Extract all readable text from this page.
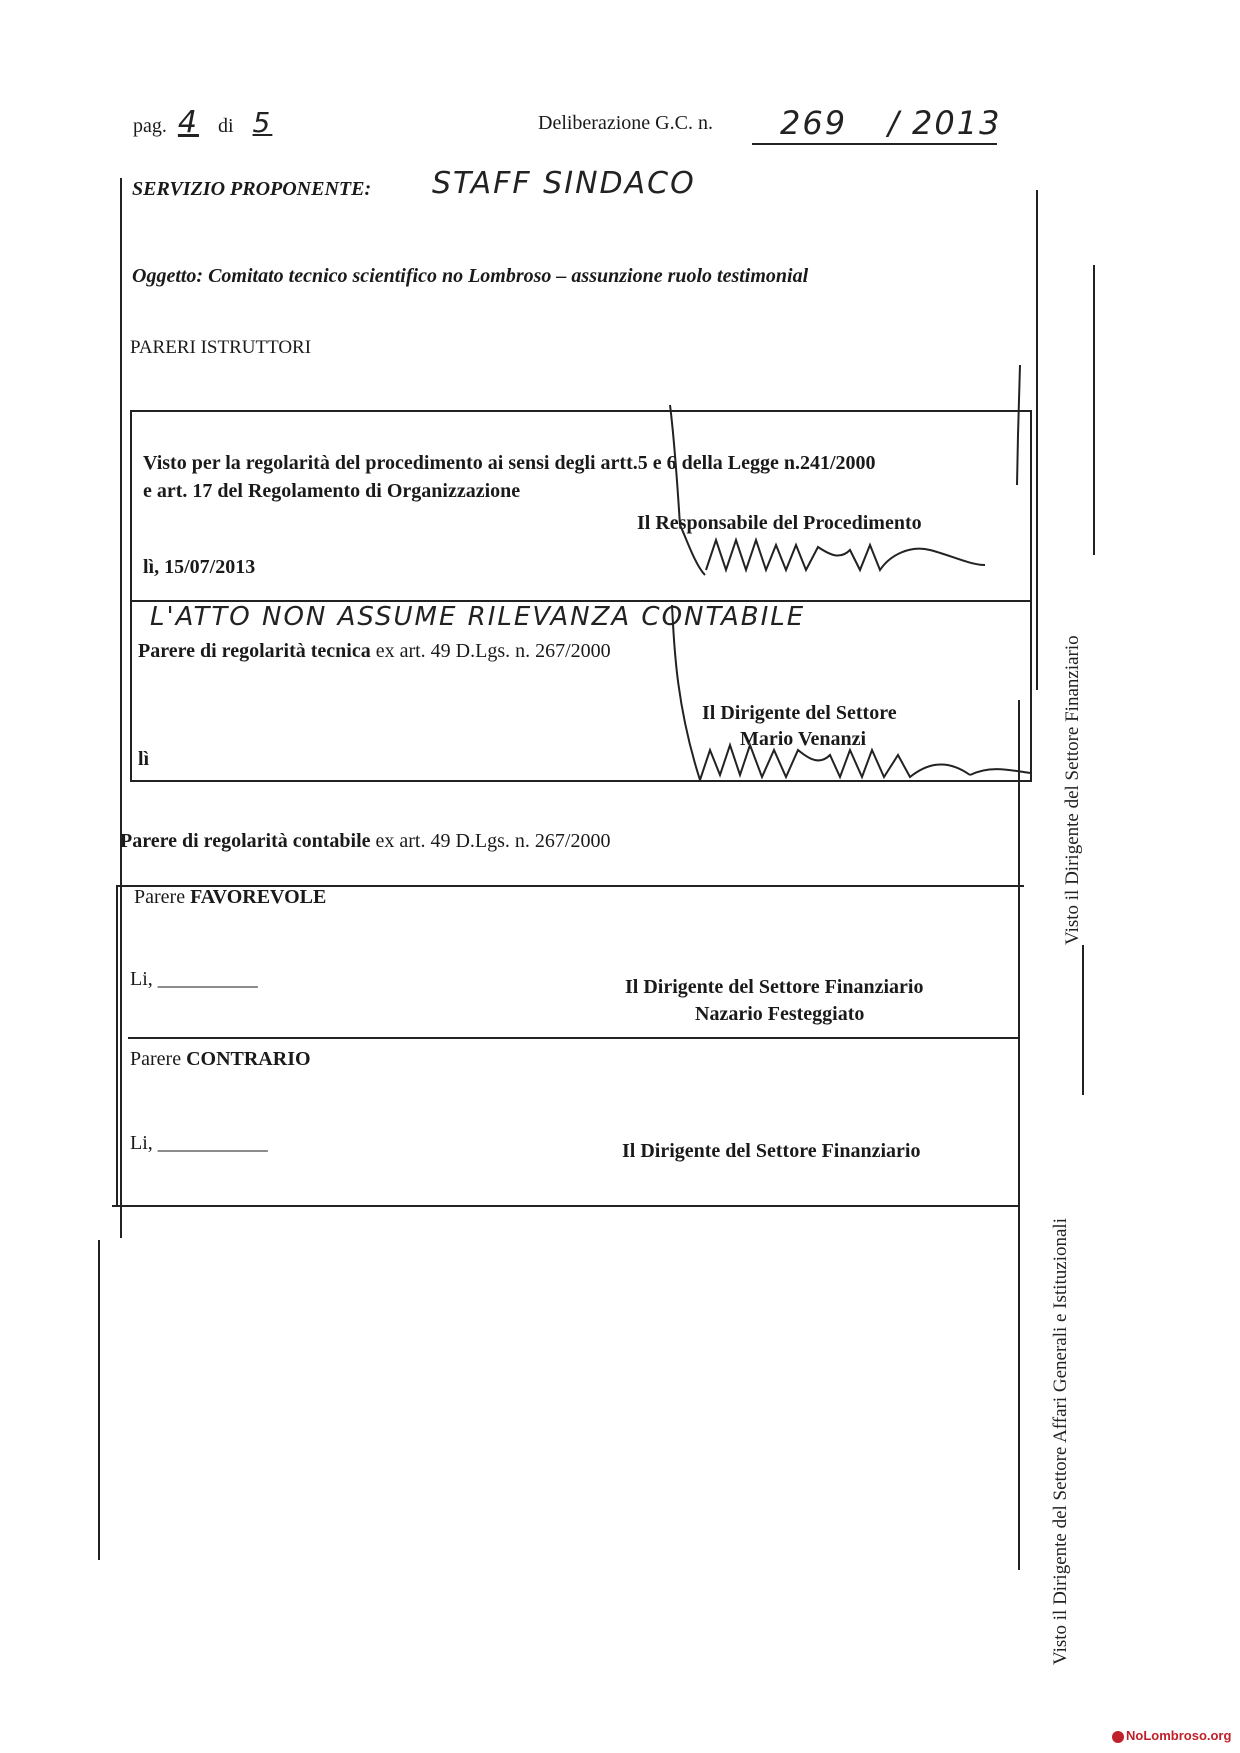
pag. 4 di 5	Deliberazione G.C. n. 269 / 2013
SERVIZIO PROPONENTE: STAFF SINDACO
Oggetto: Comitato tecnico scientifico no Lombroso – assunzione ruolo testimonial
PARERI ISTRUTTORI
Visto per la regolarità del procedimento ai sensi degli artt.5 e 6 della Legge n.241/2000
e art. 17 del Regolamento di Organizzazione
Il Responsabile del Procedimento
lì, 15/07/2013
L'ATTO NON ASSUME RILEVANZA CONTABILE
Parere di regolarità tecnica ex art. 49 D.Lgs. n. 267/2000
Il Dirigente del Settore
Mario Venanzi
lì
Parere di regolarità contabile ex art. 49 D.Lgs. n. 267/2000
Parere FAVOREVOLE
Li, __________	Il Dirigente del Settore Finanziario
Nazario Festeggiato
Parere CONTRARIO
Li, ___________	Il Dirigente del Settore Finanziario
Visto il Dirigente del Settore Finanziario
Visto il Dirigente del Settore Affari Generali e Istituzionali
NoLombroso.org
